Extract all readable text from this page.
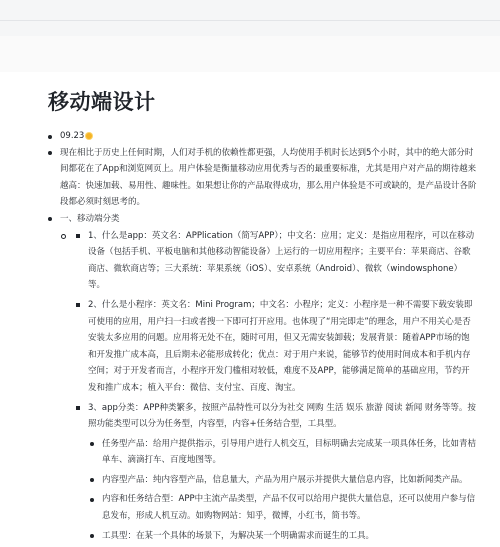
移动端设计
09.23
现在相比于历史上任何时期，人们对手机的依赖性都更强，人均使用手机时长达到5个小时，其中的绝大部分时间都花在了App和浏览网页上。用户体验是衡量移动应用优秀与否的最重要标准，尤其是用户对产品的期待越来越高：快速加载、易用性、趣味性。如果想让你的产品取得成功，那么用户体验是不可或缺的，是产品设计各阶段都必须时刻思考的。
一、移动端分类
1、什么是app：英文名：APPlication（简写APP）；中文名：应用；定义：是指应用程序，可以在移动设备（包括手机、平板电脑和其他移动智能设备）上运行的一切应用程序；主要平台：苹果商店、谷歌商店、微软商店等；三大系统：苹果系统（iOS）、安卓系统（Android）、微软（windowsphone）等。
2、什么是小程序：英文名：Mini Program；中文名：小程序；定义：小程序是一种不需要下载安装即可使用的应用，用户扫一扫或者搜一下即可打开应用。也体现了“用完即走”的理念，用户不用关心是否安装太多应用的问题。应用将无处不在，随时可用，但又无需安装卸载；发展背景：随着APP市场的饱和开发推广成本高，且后期未必能形成转化；优点：对于用户来说，能够节约使用时间成本和手机内存空间；对于开发者而言，小程序开发门槛相对较低，难度不及APP，能够满足简单的基础应用，节约开发和推广成本；植入平台：微信、支付宝、百度、淘宝。
3、app分类：APP种类繁多，按照产品特性可以分为社交 网购 生活 娱乐 旅游 阅读 新闻 财务等等。按照功能类型可以分为任务型，内容型，内容+任务结合型，工具型。
任务型产品：给用户提供指示，引导用户进行人机交互，目标明确去完成某一项具体任务，比如青桔单车、滴滴打车、百度地图等。
内容型产品：纯内容型产品，信息量大，产品为用户展示并提供大量信息内容，比如新闻类产品。
内容和任务结合型：APP中主流产品类型，产品不仅可以给用户提供大量信息，还可以使用户参与信息发布，形成人机互动。如购物网站：知乎，微博，小红书，简书等。
工具型：在某一个具体的场景下，为解决某一个明确需求而诞生的工具。
